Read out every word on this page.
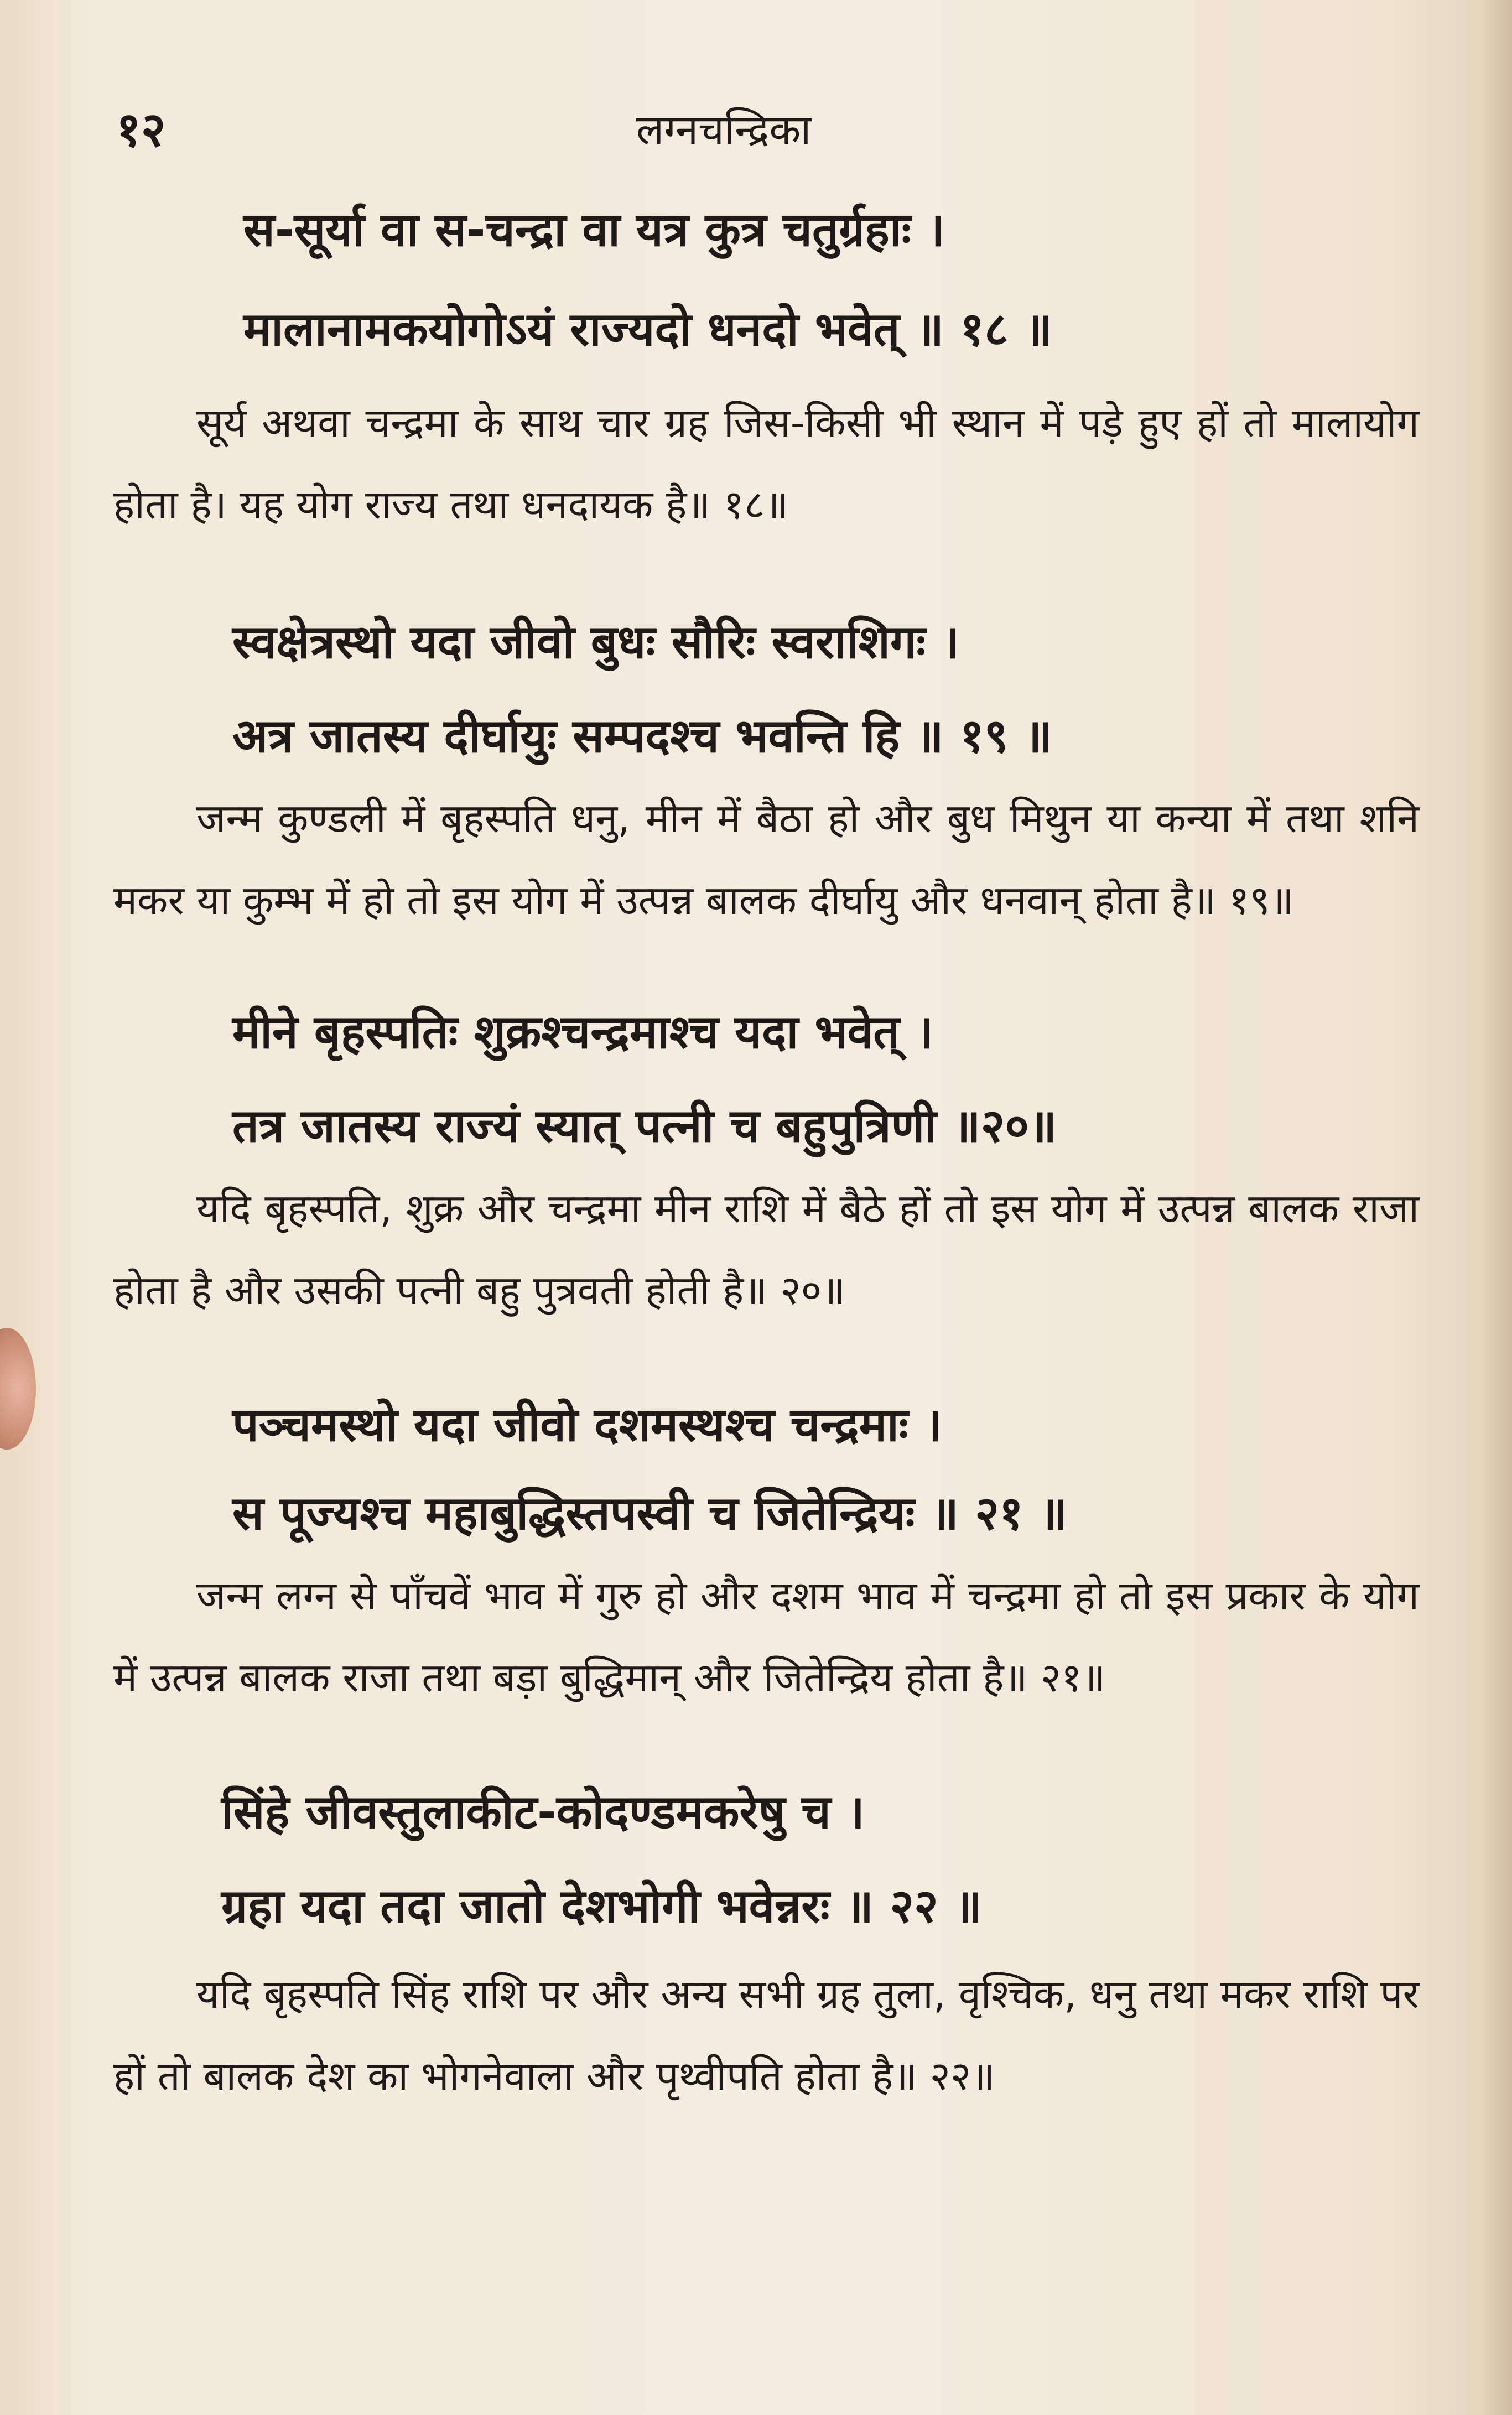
१२	लग्नचन्द्रिका
स-सूर्या वा स-चन्द्रा वा यत्र कुत्र चतुर्ग्रहाः ।
मालानामकयोगोऽयं राज्यदो धनदो भवेत् ॥ १८ ॥
सूर्य अथवा चन्द्रमा के साथ चार ग्रह जिस-किसी भी स्थान में पड़े हुए हों तो मालायोग होता है। यह योग राज्य तथा धनदायक है॥ १८॥
स्वक्षेत्रस्थो यदा जीवो बुधः सौरिः स्वराशिगः ।
अत्र जातस्य दीर्घायुः सम्पदश्च भवन्ति हि ॥ १९ ॥
जन्म कुण्डली में बृहस्पति धनु, मीन में बैठा हो और बुध मिथुन या कन्या में तथा शनि मकर या कुम्भ में हो तो इस योग में उत्पन्न बालक दीर्घायु और धनवान् होता है॥ १९॥
मीने बृहस्पतिः शुक्रश्चन्द्रमाश्च यदा भवेत् ।
तत्र जातस्य राज्यं स्यात् पत्नी च बहुपुत्रिणी ॥२०॥
यदि बृहस्पति, शुक्र और चन्द्रमा मीन राशि में बैठे हों तो इस योग में उत्पन्न बालक राजा होता है और उसकी पत्नी बहु पुत्रवती होती है॥ २०॥
पञ्चमस्थो यदा जीवो दशमस्थश्च चन्द्रमाः ।
स पूज्यश्च महाबुद्धिस्तपस्वी च जितेन्द्रियः ॥ २१ ॥
जन्म लग्न से पाँचवें भाव में गुरु हो और दशम भाव में चन्द्रमा हो तो इस प्रकार के योग में उत्पन्न बालक राजा तथा बड़ा बुद्धिमान् और जितेन्द्रिय होता है॥ २१॥
सिंहे जीवस्तुलाकीट-कोदण्डमकरेषु च ।
ग्रहा यदा तदा जातो देशभोगी भवेन्नरः ॥ २२ ॥
यदि बृहस्पति सिंह राशि पर और अन्य सभी ग्रह तुला, वृश्चिक, धनु तथा मकर राशि पर हों तो बालक देश का भोगनेवाला और पृथ्वीपति होता है॥ २२॥
